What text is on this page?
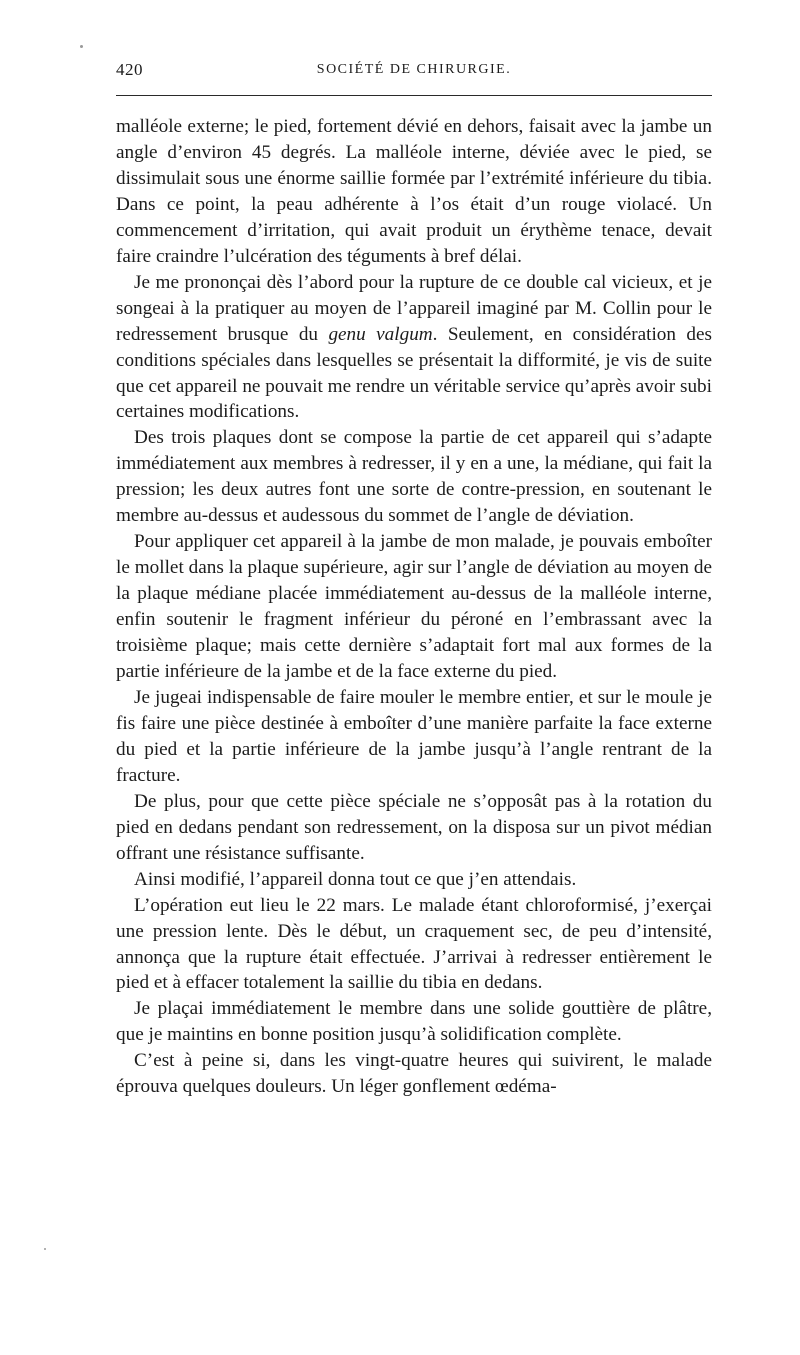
420	SOCIÉTÉ DE CHIRURGIE.

malléole externe; le pied, fortement dévié en dehors, faisait avec la jambe un angle d’environ 45 degrés. La malléole interne, déviée avec le pied, se dissimulait sous une énorme saillie formée par l’extrémité inférieure du tibia. Dans ce point, la peau adhérente à l’os était d’un rouge violacé. Un commencement d’irritation, qui avait produit un érythème tenace, devait faire craindre l’ulcération des téguments à bref délai.

Je me prononçai dès l’abord pour la rupture de ce double cal vicieux, et je songeai à la pratiquer au moyen de l’appareil imaginé par M. Collin pour le redressement brusque du genu valgum. Seulement, en considération des conditions spéciales dans lesquelles se présentait la difformité, je vis de suite que cet appareil ne pouvait me rendre un véritable service qu’après avoir subi certaines modifications.

Des trois plaques dont se compose la partie de cet appareil qui s’adapte immédiatement aux membres à redresser, il y en a une, la médiane, qui fait la pression; les deux autres font une sorte de contre-pression, en soutenant le membre au-dessus et audessous du sommet de l’angle de déviation.

Pour appliquer cet appareil à la jambe de mon malade, je pouvais emboîter le mollet dans la plaque supérieure, agir sur l’angle de déviation au moyen de la plaque médiane placée immédiatement au-dessus de la malléole interne, enfin soutenir le fragment inférieur du péroné en l’embrassant avec la troisième plaque; mais cette dernière s’adaptait fort mal aux formes de la partie inférieure de la jambe et de la face externe du pied.

Je jugeai indispensable de faire mouler le membre entier, et sur le moule je fis faire une pièce destinée à emboîter d’une manière parfaite la face externe du pied et la partie inférieure de la jambe jusqu’à l’angle rentrant de la fracture.

De plus, pour que cette pièce spéciale ne s’opposât pas à la rotation du pied en dedans pendant son redressement, on la disposa sur un pivot médian offrant une résistance suffisante.

Ainsi modifié, l’appareil donna tout ce que j’en attendais.

L’opération eut lieu le 22 mars. Le malade étant chloroformisé, j’exerçai une pression lente. Dès le début, un craquement sec, de peu d’intensité, annonça que la rupture était effectuée. J’arrivai à redresser entièrement le pied et à effacer totalement la saillie du tibia en dedans.

Je plaçai immédiatement le membre dans une solide gouttière de plâtre, que je maintins en bonne position jusqu’à solidification complète.

C’est à peine si, dans les vingt-quatre heures qui suivirent, le malade éprouva quelques douleurs. Un léger gonflement œdéma-
